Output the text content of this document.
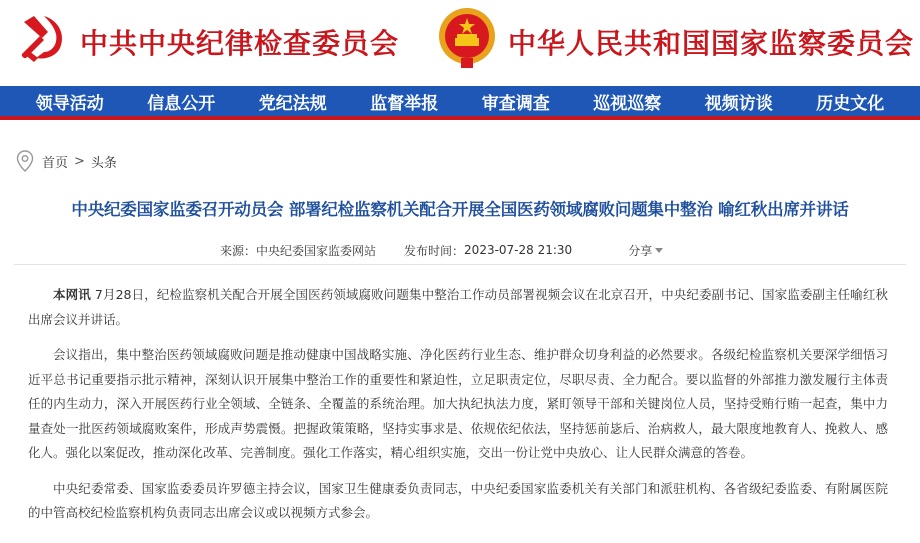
中共中央纪律检查委员会	中华人民共和国国家监察委员会
领导活动	信息公开	党纪法规	监督举报	审查调查	巡视巡察	视频访谈	历史文化
首页 > 头条
中央纪委国家监委召开动员会 部署纪检监察机关配合开展全国医药领域腐败问题集中整治 喻红秋出席并讲话
来源： 中央纪委国家监委网站 发布时间： 2023-07-28 21:30	分享

本网讯 7月28日，纪检监察机关配合开展全国医药领域腐败问题集中整治工作动员部署视频会议在北京召开，中央纪委副书记、国家监委副主任喻红秋出席会议并讲话。

会议指出，集中整治医药领域腐败问题是推动健康中国战略实施、净化医药行业生态、维护群众切身利益的必然要求。各级纪检监察机关要深学细悟习近平总书记重要指示批示精神，深刻认识开展集中整治工作的重要性和紧迫性，立足职责定位，尽职尽责、全力配合。要以监督的外部推力激发履行主体责任的内生动力，深入开展医药行业全领域、全链条、全覆盖的系统治理。加大执纪执法力度，紧盯领导干部和关键岗位人员，坚持受贿行贿一起查，集中力量查处一批医药领域腐败案件，形成声势震慑。把握政策策略，坚持实事求是、依规依纪依法，坚持惩前毖后、治病救人，最大限度地教育人、挽救人、感化人。强化以案促改，推动深化改革、完善制度。强化工作落实，精心组织实施，交出一份让党中央放心、让人民群众满意的答卷。

中央纪委常委、国家监委委员许罗德主持会议，国家卫生健康委负责同志，中央纪委国家监委机关有关部门和派驻机构、各省级纪委监委、有附属医院的中管高校纪检监察机构负责同志出席会议或以视频方式参会。
